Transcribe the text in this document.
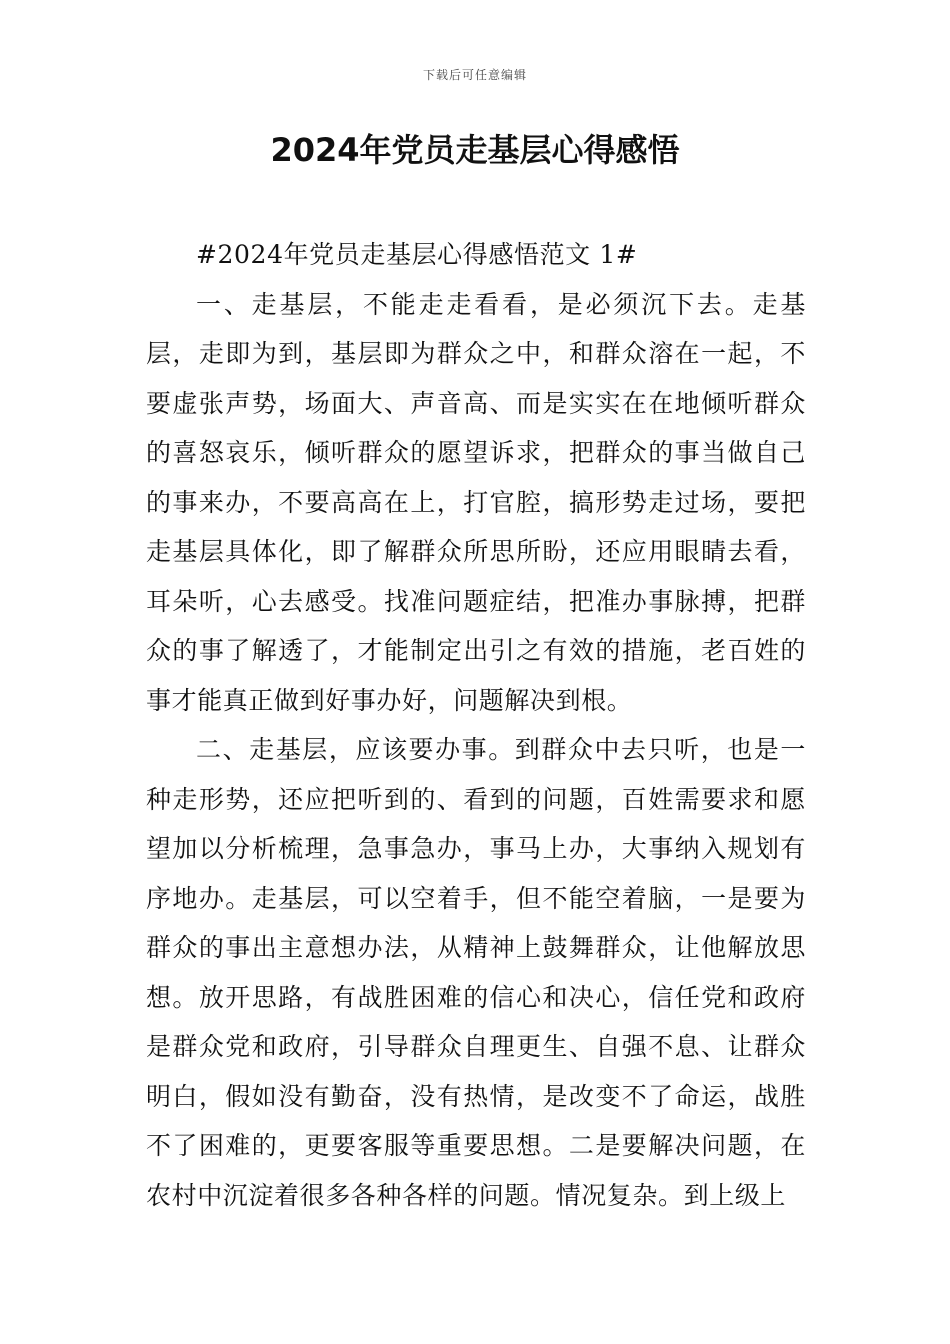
下载后可任意编辑
2024年党员走基层心得感悟

#2024年党员走基层心得感悟范文 1#

一、走基层，不能走走看看，是必须沉下去。走基层，走即为到，基层即为群众之中，和群众溶在一起，不要虚张声势，场面大、声音高、而是实实在在地倾听群众的喜怒哀乐，倾听群众的愿望诉求，把群众的事当做自己的事来办，不要高高在上，打官腔，搞形势走过场，要把走基层具体化，即了解群众所思所盼，还应用眼睛去看，耳朵听，心去感受。找准问题症结，把准办事脉搏，把群众的事了解透了，才能制定出引之有效的措施，老百姓的事才能真正做到好事办好，问题解决到根。

二、走基层，应该要办事。到群众中去只听，也是一种走形势，还应把听到的、看到的问题，百姓需要求和愿望加以分析梳理，急事急办，事马上办，大事纳入规划有序地办。走基层，可以空着手，但不能空着脑，一是要为群众的事出主意想办法，从精神上鼓舞群众，让他解放思想。放开思路，有战胜困难的信心和决心，信任党和政府是群众党和政府，引导群众自理更生、自强不息、让群众明白，假如没有勤奋，没有热情，是改变不了命运，战胜不了困难的，更要客服等重要思想。二是要解决问题，在农村中沉淀着很多各种各样的问题。情况复杂。到上级上
